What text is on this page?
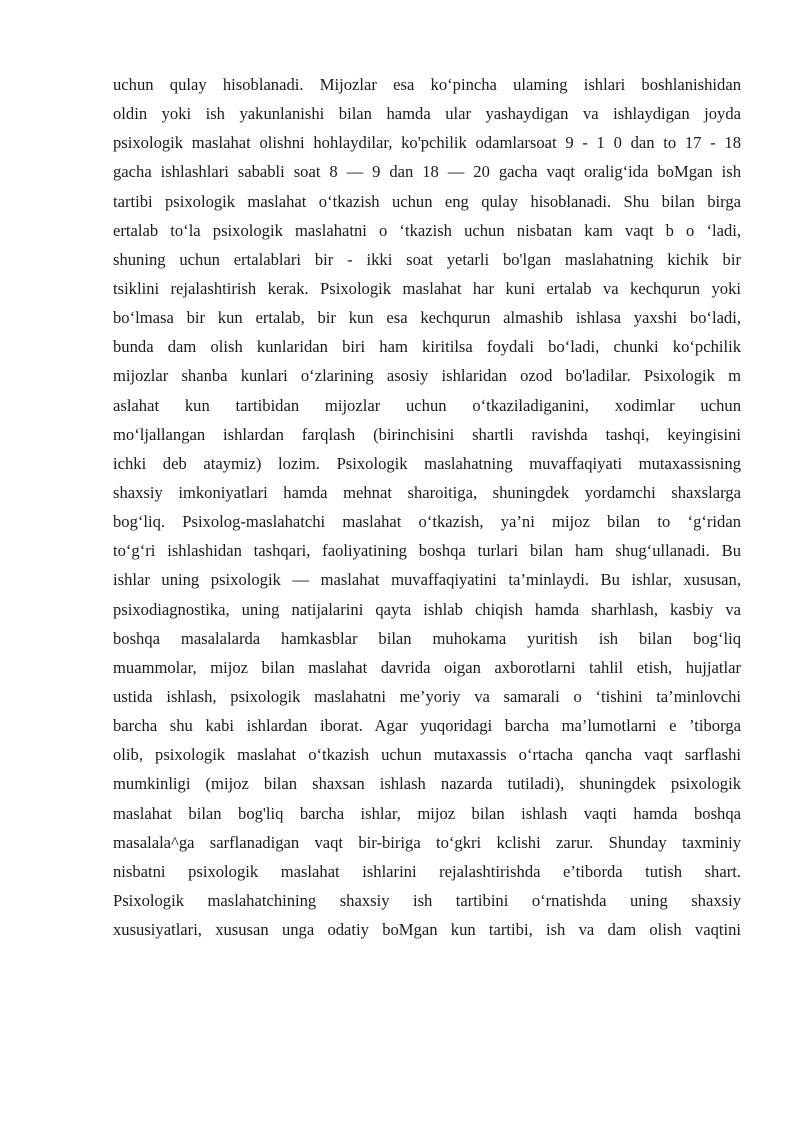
uchun qulay hisoblanadi. Mijozlar esa ko‘pincha ulaming ishlari boshlanishidan
oldin yoki ish yakunlanishi bilan hamda ular yashaydigan va ishlaydigan joyda
psixologik maslahat olishni hohlaydilar, ko'pchilik odamlarsoat 9 - 1 0 dan to 17 - 18
gacha ishlashlari sababli soat 8 — 9 dan 18 — 20 gacha vaqt oralig‘ida boMgan ish
tartibi psixologik maslahat o‘tkazish uchun eng qulay hisoblanadi. Shu bilan birga
ertalab to‘la psixologik maslahatni o ‘tkazish uchun nisbatan kam vaqt b o ‘ladi,
shuning uchun ertalablari bir - ikki soat yetarli bo'lgan maslahatning kichik bir
tsiklini rejalashtirish kerak. Psixologik maslahat har kuni ertalab va kechqurun yoki
bo‘lmasa bir kun ertalab, bir kun esa kechqurun almashib ishlasa yaxshi bo‘ladi,
bunda dam olish kunlaridan biri ham kiritilsa foydali bo‘ladi, chunki ko‘pchilik
mijozlar shanba kunlari o‘zlarining asosiy ishlaridan ozod bo'ladilar. Psixologik m
aslahat kun tartibidan mijozlar uchun o‘tkaziladiganini, xodimlar uchun
mo‘ljallangan ishlardan farqlash (birinchisini shartli ravishda tashqi, keyingisini
ichki deb ataymiz) lozim. Psixologik maslahatning muvaffaqiyati mutaxassisning
shaxsiy imkoniyatlari hamda mehnat sharoitiga, shuningdek yordamchi shaxslarga
bog‘liq. Psixolog-maslahatchi maslahat o‘tkazish, ya’ni mijoz bilan to ‘g‘ridan
to‘g‘ri ishlashidan tashqari, faoliyatining boshqa turlari bilan ham shug‘ullanadi. Bu
ishlar uning psixologik — maslahat muvaffaqiyatini ta’minlaydi. Bu ishlar, xususan,
psixodiagnostika, uning natijalarini qayta ishlab chiqish hamda sharhlash, kasbiy va
boshqa masalalarda hamkasblar bilan muhokama yuritish ish bilan bog‘liq
muammolar, mijoz bilan maslahat davrida oigan axborotlarni tahlil etish, hujjatlar
ustida ishlash, psixologik maslahatni me’yoriy va samarali o ‘tishini ta’minlovchi
barcha shu kabi ishlardan iborat. Agar yuqoridagi barcha ma’lumotlarni e ’tiborga
olib, psixologik maslahat o‘tkazish uchun mutaxassis o‘rtacha qancha vaqt sarflashi
mumkinligi (mijoz bilan shaxsan ishlash nazarda tutiladi), shuningdek psixologik
maslahat bilan bog'liq barcha ishlar, mijoz bilan ishlash vaqti hamda boshqa
masalala^ga sarflanadigan vaqt bir-biriga to‘gkri kclishi zarur. Shunday taxminiy
nisbatni psixologik maslahat ishlarini rejalashtirishda e’tiborda tutish shart.
Psixologik maslahatchining shaxsiy ish tartibini o‘rnatishda uning shaxsiy
xususiyatlari, xususan unga odatiy boMgan kun tartibi, ish va dam olish vaqtini
